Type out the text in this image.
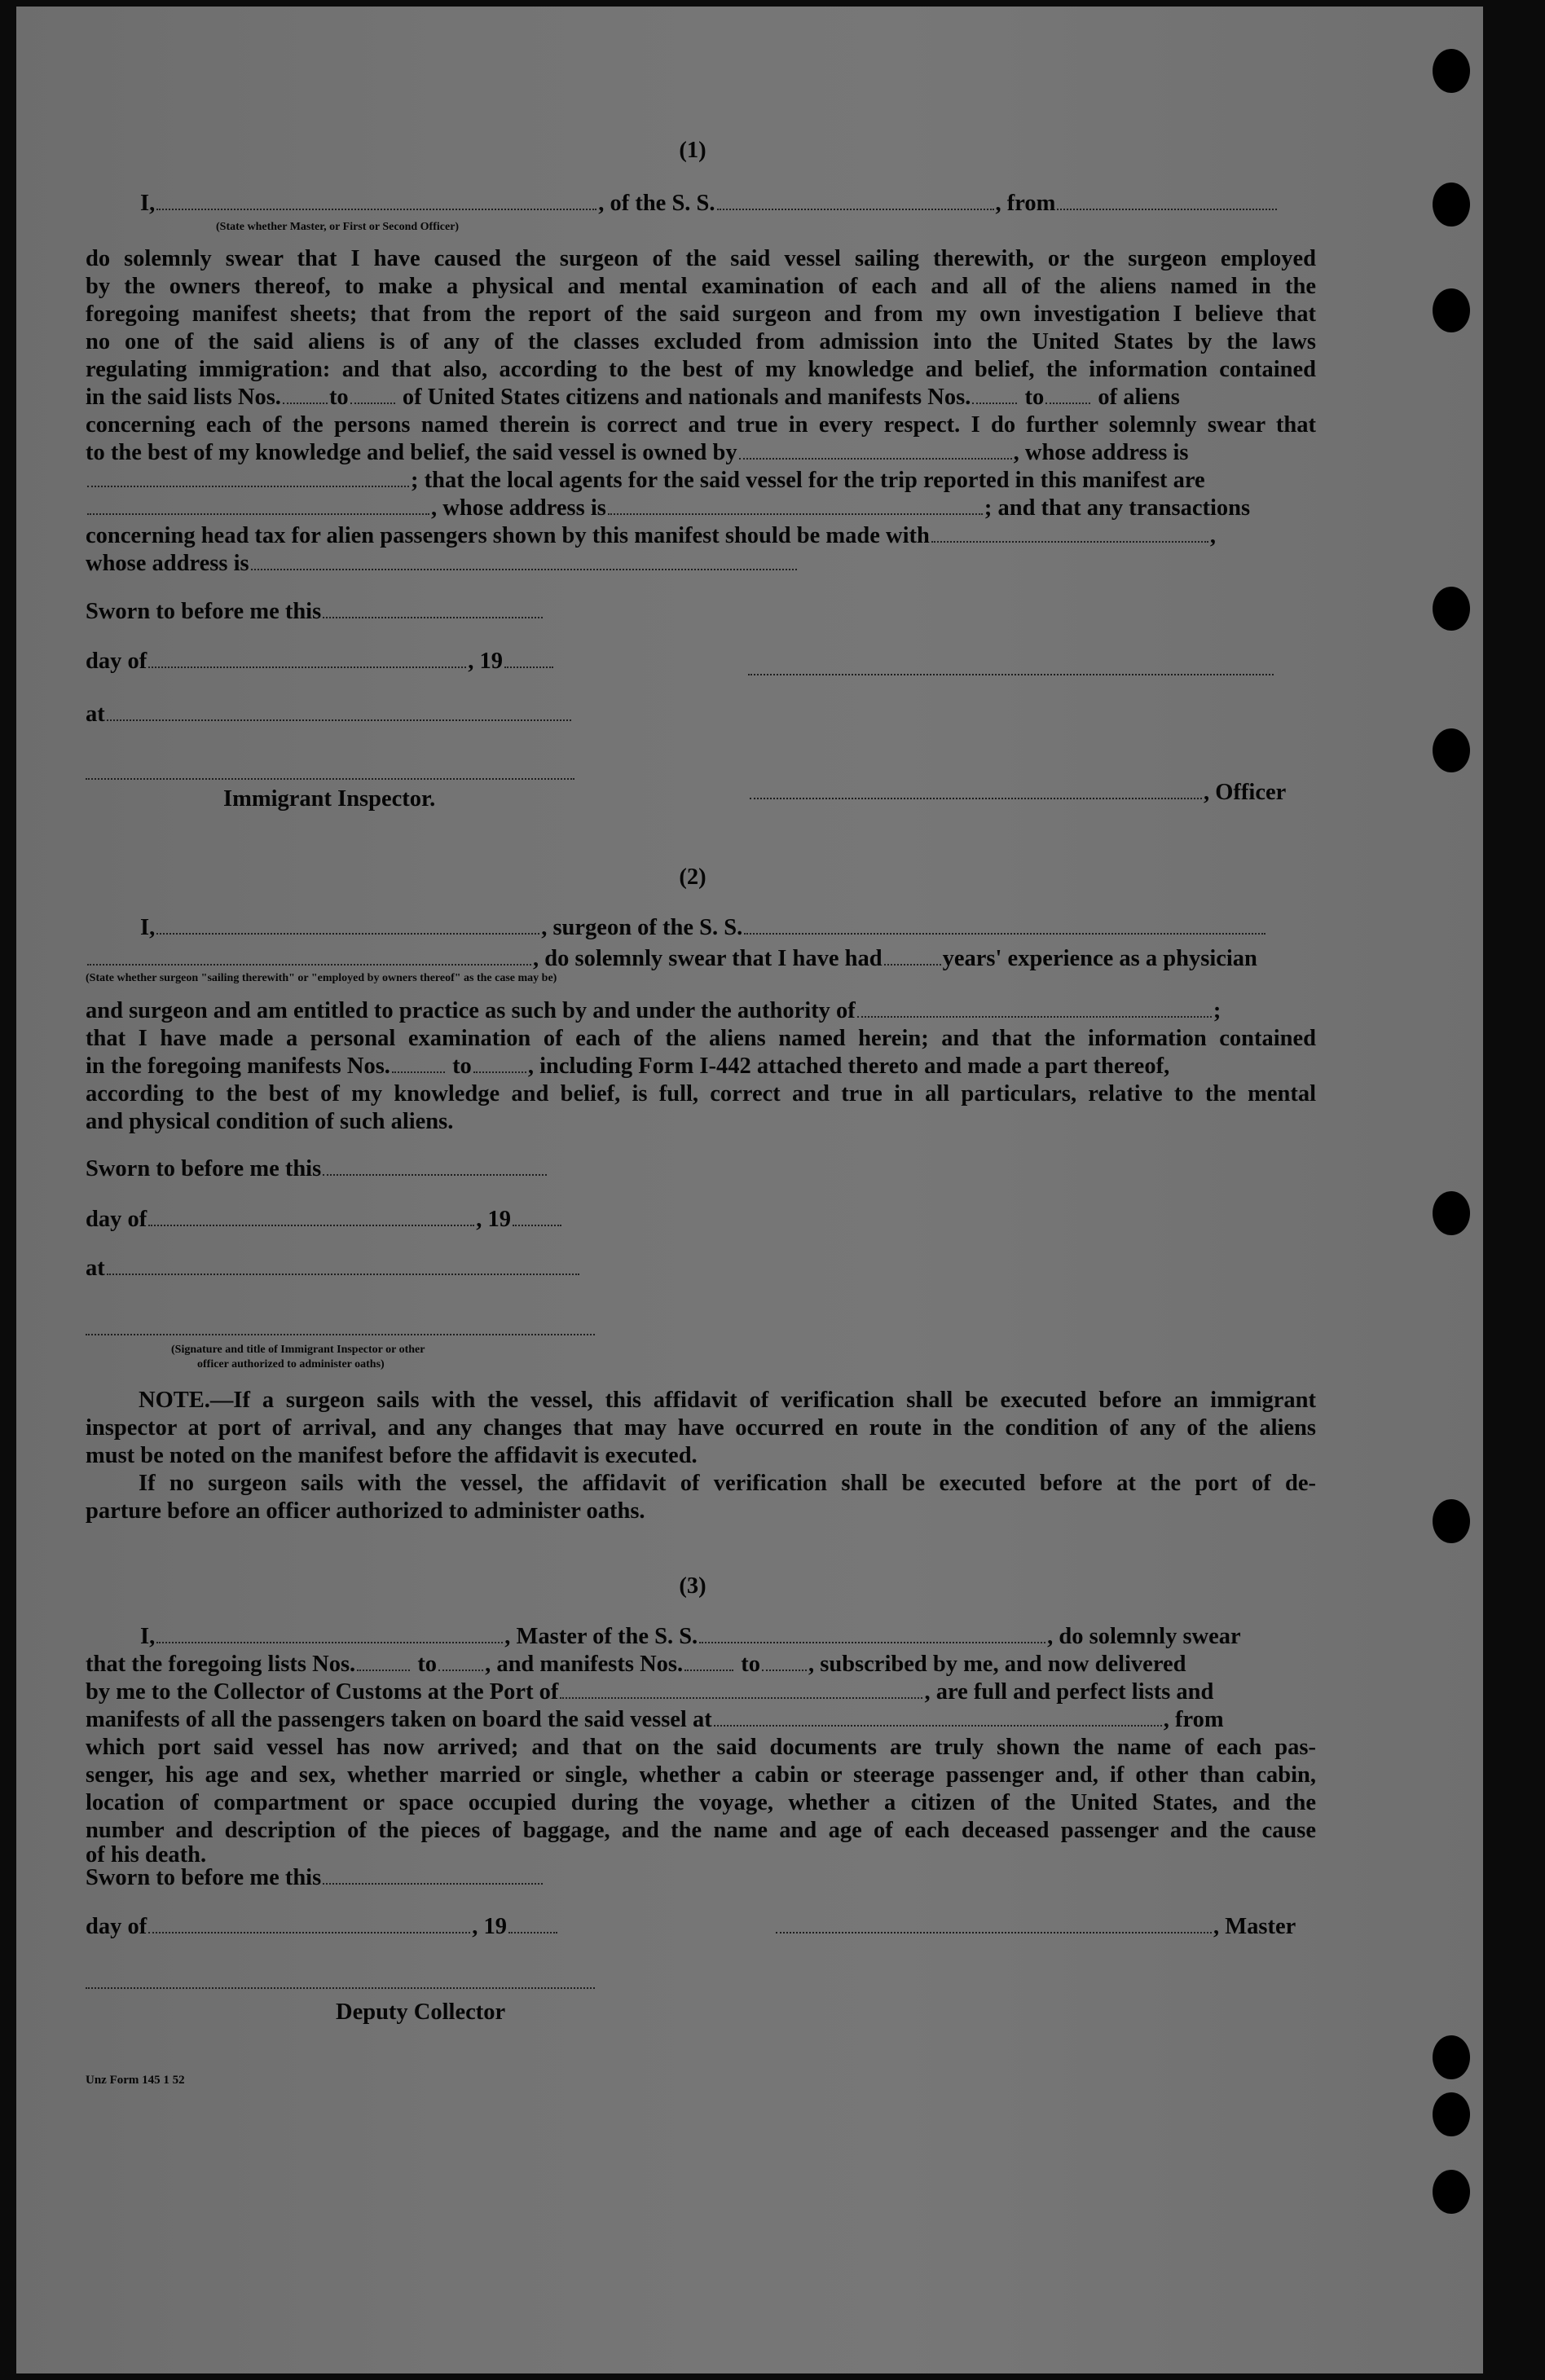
(1)
I,	, of the S. S.	, from
(State whether Master, or First or Second Officer)
do solemnly swear that I have caused the surgeon of the said vessel sailing therewith, or the surgeon employed
by the owners thereof, to make a physical and mental examination of each and all of the aliens named in the
foregoing manifest sheets; that from the report of the said surgeon and from my own investigation I believe that
no one of the said aliens is of any of the classes excluded from admission into the United States by the laws
regulating immigration: and that also, according to the best of my knowledge and belief, the information contained
in the said lists Nos. to of United States citizens and nationals and manifests Nos. to of aliens
concerning each of the persons named therein is correct and true in every respect. I do further solemnly swear that
to the best of my knowledge and belief, the said vessel is owned by	, whose address is
; that the local agents for the said vessel for the trip reported in this manifest are
, whose address is	; and that any transactions
concerning head tax for alien passengers shown by this manifest should be made with	,
whose address is
Sworn to before me this
day of	, 19
at
Immigrant Inspector.	, Officer
(2)
I,	, surgeon of the S. S.
, do solemnly swear that I have had	years' experience as a physician
(State whether surgeon "sailing therewith" or "employed by owners thereof" as the case may be)
and surgeon and am entitled to practice as such by and under the authority of	;
that I have made a personal examination of each of the aliens named herein; and that the information contained
in the foregoing manifests Nos.	to , including Form I-442 attached thereto and made a part thereof,
according to the best of my knowledge and belief, is full, correct and true in all particulars, relative to the mental
and physical condition of such aliens.
Sworn to before me this
day of	, 19
at
(Signature and title of Immigrant Inspector or other
officer authorized to administer oaths)
NOTE.—If a surgeon sails with the vessel, this affidavit of verification shall be executed before an immigrant
inspector at port of arrival, and any changes that may have occurred en route in the condition of any of the aliens
must be noted on the manifest before the affidavit is executed.
If no surgeon sails with the vessel, the affidavit of verification shall be executed before at the port of de-
parture before an officer authorized to administer oaths.
(3)
I,	, Master of the S. S.	, do solemnly swear
that the foregoing lists Nos.	to , and manifests Nos. to , subscribed by me, and now delivered
by me to the Collector of Customs at the Port of	, are full and perfect lists and
manifests of all the passengers taken on board the said vessel at	, from
which port said vessel has now arrived; and that on the said documents are truly shown the name of each pas-
senger, his age and sex, whether married or single, whether a cabin or steerage passenger and, if other than cabin,
location of compartment or space occupied during the voyage, whether a citizen of the United States, and the
number and description of the pieces of baggage, and the name and age of each deceased passenger and the cause
of his death.
Sworn to before me this
day of	, 19	, Master
Deputy Collector
Unz Form 145 1 52
